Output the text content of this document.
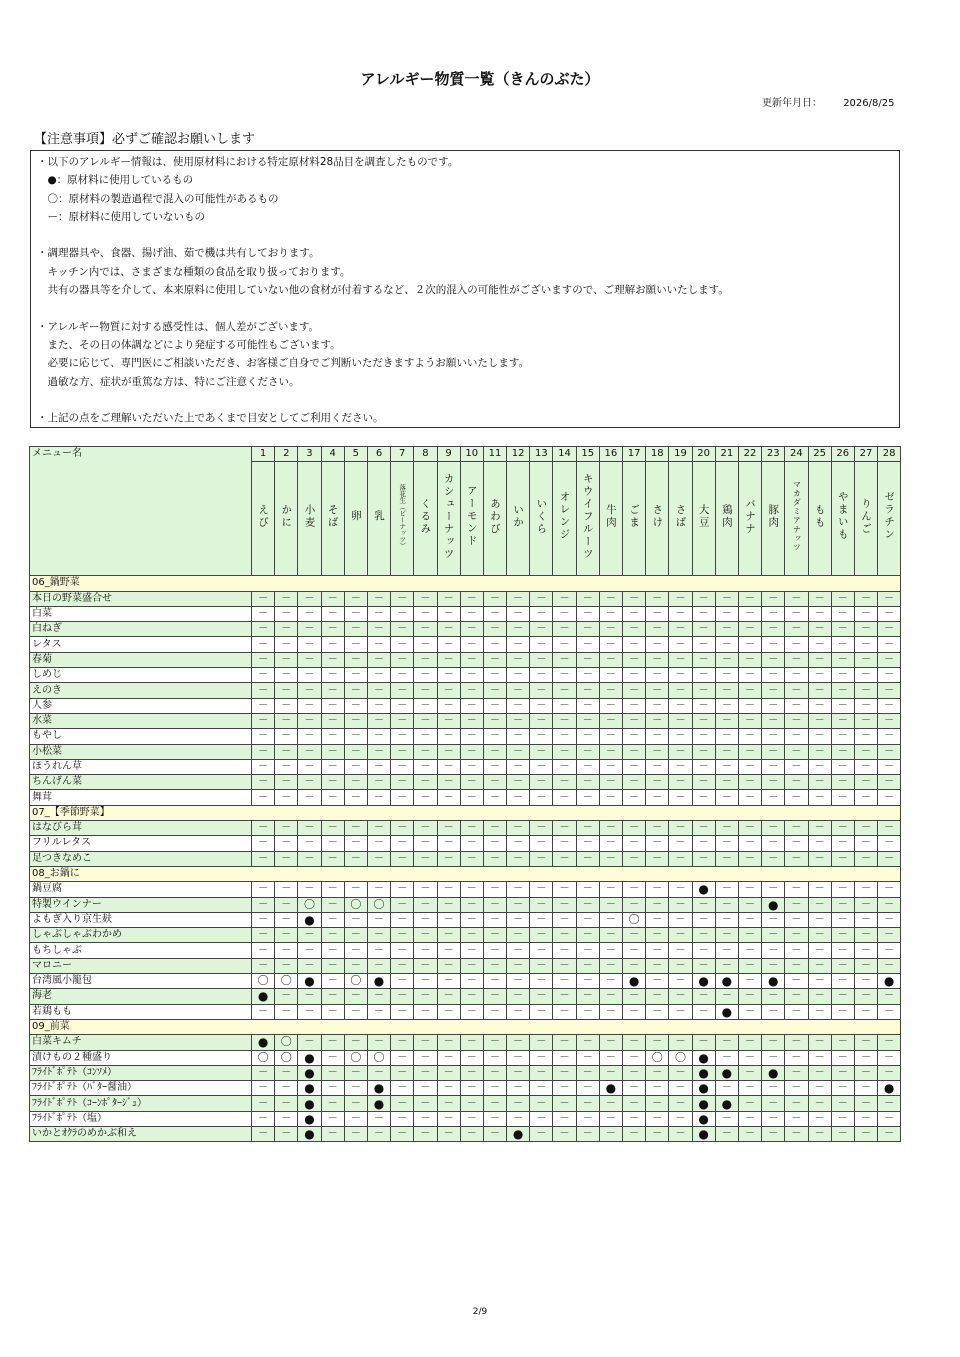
アレルギー物質一覧（きんのぶた）
更新年月日： 2026/8/25
【注意事項】必ずご確認お願いします
・以下のアレルギー情報は、使用原材料における特定原材料28品目を調査したものです。
　●：原材料に使用しているもの
　〇：原材料の製造過程で混入の可能性があるもの
　ー：原材料に使用していないもの
・調理器具や、食器、揚げ油、茹で機は共有しております。
　キッチン内では、さまざまな種類の食品を取り扱っております。
　共有の器具等を介して、本来原料に使用していない他の食材が付着するなど、２次的混入の可能性がございますので、ご理解お願いいたします。
・アレルギー物質に対する感受性は、個人差がございます。
　また、その日の体調などにより発症する可能性もございます。
　必要に応じて、専門医にご相談いただき、お客様ご自身でご判断いただきますようお願いいたします。
　過敏な方、症状が重篤な方は、特にご注意ください。
・上記の点をご理解いただいた上であくまで目安としてご利用ください。
メニュー名	1	2	3	4	5	6	7	8	9	10	11	12	13	14	15	16	17	18	19	20	21	22	23	24	25	26	27	28
	えび	かに	小麦	そば	卵	乳	落花生（ピーナッツ）	くるみ	カシューナッツ	アーモンド	あわび	いか	いくら	オレンジ	キウイフルーツ	牛肉	ごま	さけ	さば	大豆	鶏肉	バナナ	豚肉	マカダミアナッツ	もも	やまいも	りんご	ゼラチン
06_鍋野菜																												
本日の野菜盛合せ	－	－	－	－	－	－	－	－	－	－	－	－	－	－	－	－	－	－	－	－	－	－	－	－	－	－	－	－
白菜	－	－	－	－	－	－	－	－	－	－	－	－	－	－	－	－	－	－	－	－	－	－	－	－	－	－	－	－
白ねぎ	－	－	－	－	－	－	－	－	－	－	－	－	－	－	－	－	－	－	－	－	－	－	－	－	－	－	－	－
レタス	－	－	－	－	－	－	－	－	－	－	－	－	－	－	－	－	－	－	－	－	－	－	－	－	－	－	－	－
春菊	－	－	－	－	－	－	－	－	－	－	－	－	－	－	－	－	－	－	－	－	－	－	－	－	－	－	－	－
しめじ	－	－	－	－	－	－	－	－	－	－	－	－	－	－	－	－	－	－	－	－	－	－	－	－	－	－	－	－
えのき	－	－	－	－	－	－	－	－	－	－	－	－	－	－	－	－	－	－	－	－	－	－	－	－	－	－	－	－
人参	－	－	－	－	－	－	－	－	－	－	－	－	－	－	－	－	－	－	－	－	－	－	－	－	－	－	－	－
水菜	－	－	－	－	－	－	－	－	－	－	－	－	－	－	－	－	－	－	－	－	－	－	－	－	－	－	－	－
もやし	－	－	－	－	－	－	－	－	－	－	－	－	－	－	－	－	－	－	－	－	－	－	－	－	－	－	－	－
小松菜	－	－	－	－	－	－	－	－	－	－	－	－	－	－	－	－	－	－	－	－	－	－	－	－	－	－	－	－
ほうれん草	－	－	－	－	－	－	－	－	－	－	－	－	－	－	－	－	－	－	－	－	－	－	－	－	－	－	－	－
ちんげん菜	－	－	－	－	－	－	－	－	－	－	－	－	－	－	－	－	－	－	－	－	－	－	－	－	－	－	－	－
舞茸	－	－	－	－	－	－	－	－	－	－	－	－	－	－	－	－	－	－	－	－	－	－	－	－	－	－	－	－
07_【季節野菜】																												
はなびら茸	－	－	－	－	－	－	－	－	－	－	－	－	－	－	－	－	－	－	－	－	－	－	－	－	－	－	－	－
フリルレタス	－	－	－	－	－	－	－	－	－	－	－	－	－	－	－	－	－	－	－	－	－	－	－	－	－	－	－	－
足つきなめこ	－	－	－	－	－	－	－	－	－	－	－	－	－	－	－	－	－	－	－	－	－	－	－	－	－	－	－	－
08_お鍋に																												
鍋豆腐	－	－	－	－	－	－	－	－	－	－	－	－	－	－	－	－	－	－	－	●	－	－	－	－	－	－	－	－
特製ウインナー	－	－	〇	－	〇	〇	－	－	－	－	－	－	－	－	－	－	－	－	－	－	－	－	●	－	－	－	－	－
よもぎ入り京生麸	－	－	●	－	－	－	－	－	－	－	－	－	－	－	－	－	〇	－	－	－	－	－	－	－	－	－	－	－
しゃぶしゃぶわかめ	－	－	－	－	－	－	－	－	－	－	－	－	－	－	－	－	－	－	－	－	－	－	－	－	－	－	－	－
もちしゃぶ	－	－	－	－	－	－	－	－	－	－	－	－	－	－	－	－	－	－	－	－	－	－	－	－	－	－	－	－
マロニー	－	－	－	－	－	－	－	－	－	－	－	－	－	－	－	－	－	－	－	－	－	－	－	－	－	－	－	－
台湾風小籠包	〇	〇	●	－	〇	●	－	－	－	－	－	－	－	－	－	－	●	－	－	●	●	－	●	－	－	－	－	●
海老	●	－	－	－	－	－	－	－	－	－	－	－	－	－	－	－	－	－	－	－	－	－	－	－	－	－	－	－
若鶏もも	－	－	－	－	－	－	－	－	－	－	－	－	－	－	－	－	－	－	－	－	●	－	－	－	－	－	－	－
09_前菜																												
白菜キムチ	●	〇	－	－	－	－	－	－	－	－	－	－	－	－	－	－	－	－	－	－	－	－	－	－	－	－	－	－
漬けもの２種盛り	〇	〇	●	－	〇	〇	－	－	－	－	－	－	－	－	－	－	－	〇	〇	●	－	－	－	－	－	－	－	－
ﾌﾗｲﾄﾞﾎﾟﾃﾄ（ｺﾝｿﾒ）	－	－	●	－	－	－	－	－	－	－	－	－	－	－	－	－	－	－	－	●	●	－	●	－	－	－	－	－
ﾌﾗｲﾄﾞﾎﾟﾃﾄ（ﾊﾞﾀｰ醤油）	－	－	●	－	－	●	－	－	－	－	－	－	－	－	－	●	－	－	－	●	－	－	－	－	－	－	－	●
ﾌﾗｲﾄﾞﾎﾟﾃﾄ（ｺｰﾝﾎﾟﾀｰｼﾞｭ）	－	－	●	－	－	●	－	－	－	－	－	－	－	－	－	－	－	－	－	●	●	－	－	－	－	－	－	－
ﾌﾗｲﾄﾞﾎﾟﾃﾄ（塩）	－	－	●	－	－	－	－	－	－	－	－	－	－	－	－	－	－	－	－	●	－	－	－	－	－	－	－	－
いかとｵｸﾗのめかぶ和え	－	－	●	－	－	－	－	－	－	－	－	●	－	－	－	－	－	－	－	●	－	－	－	－	－	－	－	－
2/9
